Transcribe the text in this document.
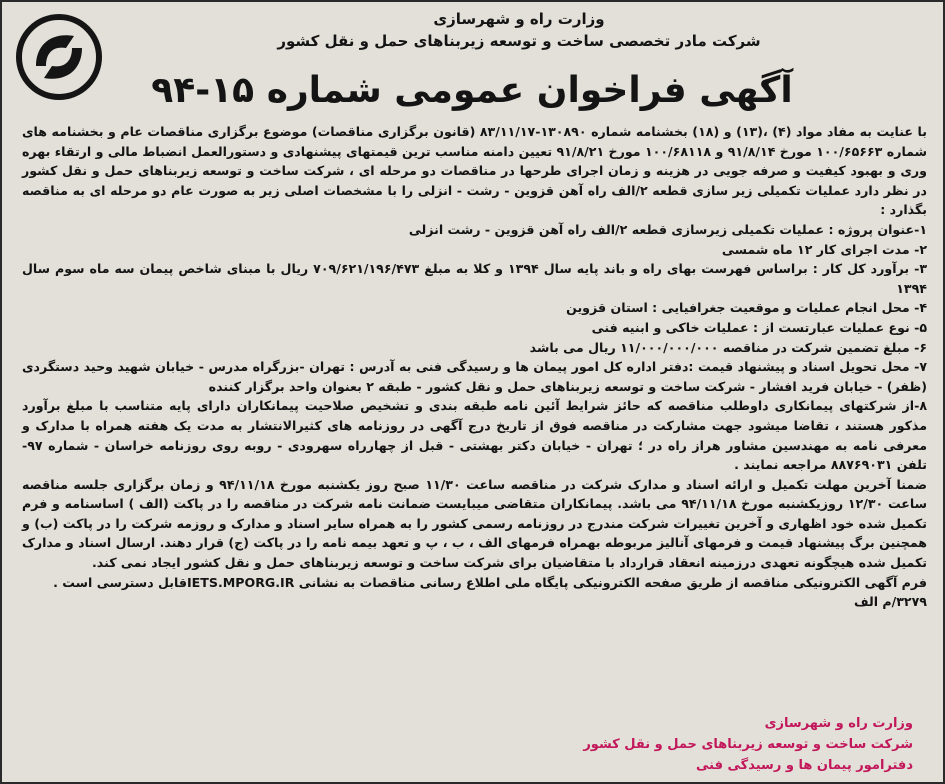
وزارت راه و شهرسازی

شرکت مادر تخصصی ساخت و توسعه زیربناهای حمل و نقل کشور

آگهی فراخوان عمومی شماره ۱۵-۹۴

با عنایت به مفاد مواد (۴) ،(۱۳) و (۱۸) بخشنامه شماره ۱۳۰۸۹۰-۸۳/۱۱/۱۷ (قانون برگزاری مناقصات) موضوع برگزاری مناقصات عام و بخشنامه های شماره ۱۰۰/۶۵۶۶۳ مورخ ۹۱/۸/۱۴ و ۱۰۰/۶۸۱۱۸ مورخ ۹۱/۸/۲۱ تعیین دامنه مناسب ترین قیمتهای پیشنهادی و دستورالعمل انضباط مالی و ارتقاء بهره وری و بهبود کیفیت و صرفه جویی در هزینه و زمان اجرای طرحها در مناقصات دو مرحله ای ، شرکت ساخت و توسعه زیربناهای حمل و نقل کشور در نظر دارد عملیات تکمیلی زیر سازی قطعه ۲/الف راه آهن قزوین - رشت - انزلی را با مشخصات اصلی زیر به صورت عام دو مرحله ای به مناقصه بگذارد :

۱-عنوان پروژه : عملیات تکمیلی زیرسازی قطعه ۲/الف راه آهن قزوین - رشت انزلی

۲- مدت اجرای کار ۱۲ ماه شمسی

۳- برآورد کل کار : براساس فهرست بهای راه و باند پایه سال ۱۳۹۴ و کلا به مبلغ ۷۰۹/۶۲۱/۱۹۶/۴۷۳ ریال با مبنای شاخص پیمان سه ماه سوم سال ۱۳۹۴

۴- محل انجام عملیات و موقعیت جغرافیایی : استان قزوین

۵- نوع عملیات عبارتست از : عملیات خاکی و ابنیه فنی

۶- مبلغ تضمین شرکت در مناقصه ۱۱/۰۰۰/۰۰۰/۰۰۰ ریال می باشد

۷- محل تحویل اسناد و پیشنهاد قیمت :دفتر اداره کل امور پیمان ها و رسیدگی فنی به آدرس : تهران -بزرگراه مدرس - خیابان شهید وحید دستگردی (ظفر) - خیابان فرید افشار - شرکت ساخت و توسعه زیربناهای حمل و نقل کشور - طبقه ۲ بعنوان واحد برگزار کننده

۸-از شرکتهای پیمانکاری داوطلب مناقصه که حائز شرایط آئین نامه طبقه بندی و تشخیص صلاحیت پیمانکاران دارای پایه متناسب با مبلغ برآورد مذکور هستند ، تقاضا میشود جهت مشارکت در مناقصه فوق از تاریخ درج آگهی در روزنامه های کثیرالانتشار به مدت یک هفته همراه با مدارک و معرفی نامه به مهندسین مشاور هراز راه در ؛ تهران - خیابان دکتر بهشتی - قبل از چهارراه سهرودی - روبه روی روزنامه خراسان - شماره ۹۷- تلفن ۸۸۷۶۹۰۳۱ مراجعه نمایند .

ضمنا آخرین مهلت تکمیل و ارائه اسناد و مدارک شرکت در مناقصه ساعت ۱۱/۳۰ صبح روز یکشنبه مورخ ۹۴/۱۱/۱۸ و زمان برگزاری جلسه مناقصه ساعت ۱۲/۳۰ روزیکشنبه مورخ ۹۴/۱۱/۱۸ می باشد. پیمانکاران متقاضی میبایست ضمانت نامه شرکت در مناقصه را در پاکت (الف ) اساسنامه و فرم تکمیل شده خود اظهاری و آخرین تغییرات شرکت مندرج در روزنامه رسمی کشور را به همراه سایر اسناد و مدارک و روزمه شرکت را در پاکت (ب) و همچنین برگ پیشنهاد قیمت و فرمهای آنالیز مربوطه بهمراه فرمهای الف ، ب ، پ و تعهد بیمه نامه را در پاکت (ج) قرار دهند. ارسال اسناد و مدارک تکمیل شده هیچگونه تعهدی درزمینه انعقاد قرارداد با متقاضیان برای شرکت ساخت و توسعه زیربناهای حمل و نقل کشور ایجاد نمی کند.

فرم آگهی الکترونیکی مناقصه از طریق صفحه الکترونیکی پایگاه ملی اطلاع رسانی مناقصات به نشانی IETS.MPORG.IRقابل دسترسی است .

۳۲۷۹/م الف

وزارت راه و شهرسازی
شرکت ساخت و توسعه زیربناهای حمل و نقل کشور
دفترامور پیمان ها و رسیدگی فنی
